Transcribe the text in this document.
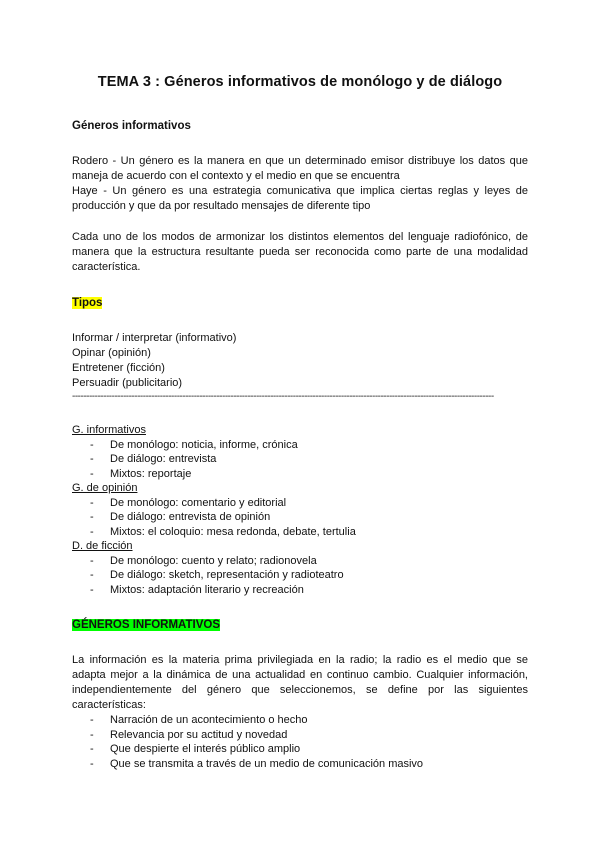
TEMA 3 : Géneros informativos de monólogo y de diálogo
Géneros informativos

Rodero - Un género es la manera en que un determinado emisor distribuye los datos que maneja de acuerdo con el contexto y el medio en que se encuentra

Haye - Un género es una estrategia comunicativa que implica ciertas reglas y leyes de producción y que da por resultado mensajes de diferente tipo

Cada uno de los modos de armonizar los distintos elementos del lenguaje radiofónico, de manera que la estructura resultante pueda ser reconocida como parte de una modalidad característica.

Tipos
Informar / interpretar (informativo)
Opinar (opinión)
Entretener (ficción)
Persuadir (publicitario)
-----------------------------------------------------------------------------------------------------------------------------------------------------
G. informativos
- De monólogo: noticia, informe, crónica
- De diálogo: entrevista
- Mixtos: reportaje
G. de opinión
- De monólogo: comentario y editorial
- De diálogo: entrevista de opinión
- Mixtos: el coloquio: mesa redonda, debate, tertulia
D. de ficción
- De monólogo: cuento y relato; radionovela
- De diálogo: sketch, representación y radioteatro
- Mixtos: adaptación literario y recreación
GÉNEROS INFORMATIVOS

La información es la materia prima privilegiada en la radio; la radio es el medio que se adapta mejor a la dinámica de una actualidad en continuo cambio. Cualquier información, independientemente del género que seleccionemos, se define por las siguientes características:

- Narración de un acontecimiento o hecho
- Relevancia por su actitud y novedad
- Que despierte el interés público amplio
- Que se transmita a través de un medio de comunicación masivo
